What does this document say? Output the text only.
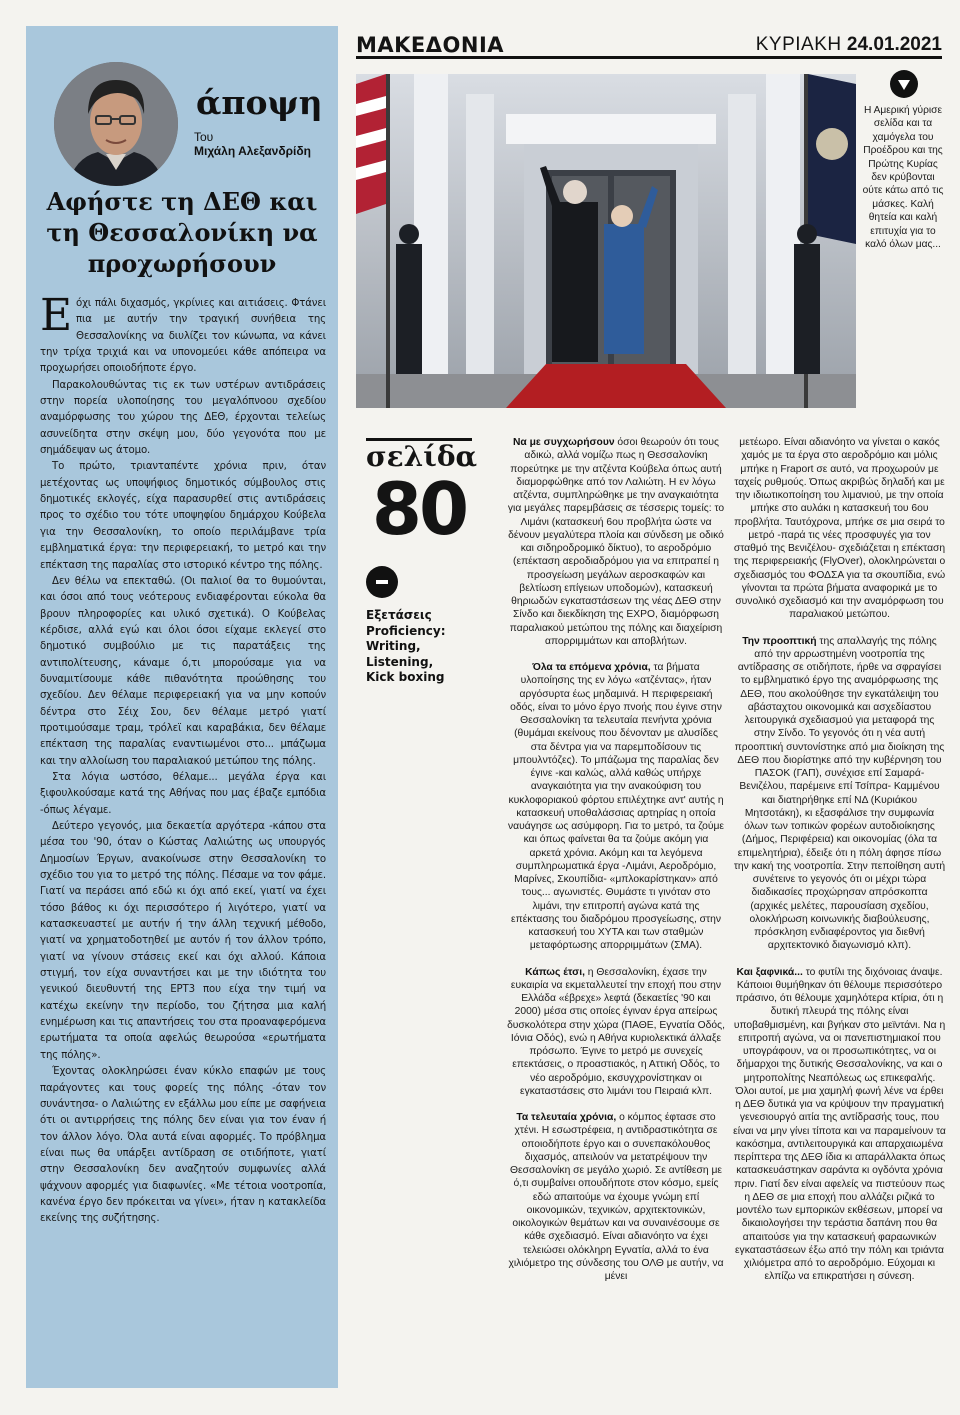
άποψη
Του
Μιχάλη Αλεξανδρίδη
Αφήστε τη ΔΕΘ και τη Θεσσαλονίκη να προχωρήσουν

Εόχι πάλι διχασμός, γκρίνιες και αιτιάσεις. Φτάνει πια με αυτήν την τραγική συνήθεια της Θεσσαλονίκης να διυλίζει τον κώνωπα, να κάνει την τρίχα τριχιά και να υπονομεύει κάθε απόπειρα να προχωρήσει οποιοδήποτε έργο.

Παρακολουθώντας τις εκ των υστέρων αντιδράσεις στην πορεία υλοποίησης του μεγαλόπνοου σχεδίου αναμόρφωσης του χώρου της ΔΕΘ, έρχονται τελείως ασυνείδητα στην σκέψη μου, δύο γεγονότα που με σημάδεψαν ως άτομο.

Το πρώτο, τριανταπέντε χρόνια πριν, όταν μετέχοντας ως υποψήφιος δημοτικός σύμβουλος στις δημοτικές εκλογές, είχα παρασυρθεί στις αντιδράσεις προς το σχέδιο του τότε υποψηφίου δημάρχου Κούβελα για την Θεσσαλονίκη, το οποίο περιλάμβανε τρία εμβληματικά έργα: την περιφερειακή, το μετρό και την επέκταση της παραλίας στο ιστορικό κέντρο της πόλης.

Δεν θέλω να επεκταθώ. (Οι παλιοί θα το θυμούνται, και όσοι από τους νεότερους ενδιαφέρονται εύκολα θα βρουν πληροφορίες και υλικό σχετικά). Ο Κούβελας κέρδισε, αλλά εγώ και όλοι όσοι είχαμε εκλεγεί στο δημοτικό συμβούλιο με τις παρατάξεις της αντιπολίτευσης, κάναμε ό,τι μπορούσαμε για να δυναμιτίσουμε κάθε πιθανότητα προώθησης του σχεδίου. Δεν θέλαμε περιφερειακή για να μην κοπούν δέντρα στο Σέιχ Σου, δεν θέλαμε μετρό γιατί προτιμούσαμε τραμ, τρόλεϊ και καραβάκια, δεν θέλαμε επέκταση της παραλίας εναντιωμένοι στο... μπάζωμα και την αλλοίωση του παραλιακού μετώπου της πόλης.

Στα λόγια ωστόσο, θέλαμε... μεγάλα έργα και ξιφουλκούσαμε κατά της Αθήνας που μας έβαζε εμπόδια -όπως λέγαμε.

Δεύτερο γεγονός, μια δεκαετία αργότερα -κάπου στα μέσα του '90, όταν ο Κώστας Λαλιώτης ως υπουργός Δημοσίων Έργων, ανακοίνωσε στην Θεσσαλονίκη το σχέδιο του για το μετρό της πόλης. Πέσαμε να τον φάμε. Γιατί να περάσει από εδώ κι όχι από εκεί, γιατί να έχει τόσο βάθος κι όχι περισσότερο ή λιγότερο, γιατί να κατασκευαστεί με αυτήν ή την άλλη τεχνική μέθοδο, γιατί να χρηματοδοτηθεί με αυτόν ή τον άλλον τρόπο, γιατί να γίνουν στάσεις εκεί και όχι αλλού. Κάποια στιγμή, τον είχα συναντήσει και με την ιδιότητα του γενικού διευθυντή της ΕΡΤ3 που είχα την τιμή να κατέχω εκείνην την περίοδο, του ζήτησα μια καλή ενημέρωση και τις απαντήσεις του στα προαναφερόμενα ερωτήματα τα οποία αφελώς θεωρούσα «ερωτήματα της πόλης».

Έχοντας ολοκληρώσει έναν κύκλο επαφών με τους παράγοντες και τους φορείς της πόλης -όταν τον συνάντησα- ο Λαλιώτης εν εξάλλω μου είπε με σαφήνεια ότι οι αντιρρήσεις της πόλης δεν είναι για τον έναν ή τον άλλον λόγο. Όλα αυτά είναι αφορμές. Το πρόβλημα είναι πως θα υπάρξει αντίδραση σε οτιδήποτε, γιατί στην Θεσσαλονίκη δεν αναζητούν συμφωνίες αλλά ψάχνουν αφορμές για διαφωνίες. «Με τέτοια νοοτροπία, κανένα έργο δεν πρόκειται να γίνει», ήταν η κατακλείδα εκείνης της συζήτησης.

ΜΑΚΕΔΟΝΙΑ	ΚΥΡΙΑΚΗ 24.01.2021

Η Αμερική γύρισε σελίδα και τα χαμόγελα του Προέδρου και της Πρώτης Κυρίας δεν κρύβονται ούτε κάτω από τις μάσκες. Καλή θητεία και καλή επιτυχία για το καλό όλων μας...

σελίδα
80
Εξετάσεις
Proficiency:
Writing,
Listening,
Kick boxing

Να με συγχωρήσουν όσοι θεωρούν ότι τους αδικώ, αλλά νομίζω πως η Θεσσαλονίκη πορεύτηκε με την ατζέντα Κούβελα όπως αυτή διαμορφώθηκε από τον Λαλιώτη. Η εν λόγω ατζέντα, συμπληρώθηκε με την αναγκαιότητα για μεγάλες παρεμβάσεις σε τέσσερις τομείς: το Λιμάνι (κατασκευή 6ου προβλήτα ώστε να δένουν μεγαλύτερα πλοία και σύνδεση με οδικό και σιδηροδρομικό δίκτυο), το αεροδρόμιο (επέκταση αεροδιαδρόμου για να επιτραπεί η προσγείωση μεγάλων αεροσκαφών και βελτίωση επίγειων υποδομών), κατασκευή θηριωδών εγκαταστάσεων της νέας ΔΕΘ στην Σίνδο και διεκδίκηση της ΕΧΡΟ, διαμόρφωση παραλιακού μετώπου της πόλης και διαχείριση απορριμμάτων και αποβλήτων.

Όλα τα επόμενα χρόνια, τα βήματα υλοποίησης της εν λόγω «ατζέντας», ήταν αργόσυρτα έως μηδαμινά. Η περιφερειακή οδός, είναι το μόνο έργο πνοής που έγινε στην Θεσσαλονίκη τα τελευταία πενήντα χρόνια (θυμάμαι εκείνους που δένονταν με αλυσίδες στα δέντρα για να παρεμποδίσουν τις μπουλντόζες). Το μπάζωμα της παραλίας δεν έγινε -και καλώς, αλλά καθώς υπήρχε αναγκαιότητα για την ανακούφιση του κυκλοφοριακού φόρτου επιλέχτηκε αντ' αυτής η κατασκευή υποθαλάσσιας αρτηρίας η οποία ναυάγησε ως ασύμφορη. Για το μετρό, τα ζούμε και όπως φαίνεται θα τα ζούμε ακόμη για αρκετά χρόνια. Ακόμη και τα λεγόμενα συμπληρωματικά έργα -Λιμάνι, Αεροδρόμιο, Μαρίνες, Σκουπίδια- «μπλοκαρίστηκαν» από τους... αγωνιστές. Θυμάστε τι γινόταν στο λιμάνι, την επιτροπή αγώνα κατά της επέκτασης του διαδρόμου προσγείωσης, στην κατασκευή του ΧΥΤΑ και των σταθμών μεταφόρτωσης απορριμμάτων (ΣΜΑ).

Κάπως έτσι, η Θεσσαλονίκη, έχασε την ευκαιρία να εκμεταλλευτεί την εποχή που στην Ελλάδα «έβρεχε» λεφτά (δεκαετίες '90 και 2000) μέσα στις οποίες έγιναν έργα απείρως δυσκολότερα στην χώρα (ΠΑΘΕ, Εγνατία Οδός, Ιόνια Οδός), ενώ η Αθήνα κυριολεκτικά άλλαξε πρόσωπο. Έγινε το μετρό με συνεχείς επεκτάσεις, ο προαστιακός, η Αττική Οδός, το νέο αεροδρόμιο, εκσυγχρονίστηκαν οι εγκαταστάσεις στο λιμάνι του Πειραιά κλπ.

Τα τελευταία χρόνια, ο κόμπος έφτασε στο χτένι. Η εσωστρέφεια, η αντιδραστικότητα σε οποιοδήποτε έργο και ο συνεπακόλουθος διχασμός, απειλούν να μετατρέψουν την Θεσσαλονίκη σε μεγάλο χωριό. Σε αντίθεση με ό,τι συμβαίνει οπουδήποτε στον κόσμο, εμείς εδώ απαιτούμε να έχουμε γνώμη επί οικονομικών, τεχνικών, αρχιτεκτονικών, οικολογικών θεμάτων και να συναινέσουμε σε κάθε σχεδιασμό. Είναι αδιανόητο να έχει τελειώσει ολόκληρη Εγνατία, αλλά το ένα χιλιόμετρο της σύνδεσης του ΟΛΘ με αυτήν, να μένει

μετέωρο. Είναι αδιανόητο να γίνεται ο κακός χαμός με τα έργα στο αεροδρόμιο και μόλις μπήκε η Fraport σε αυτό, να προχωρούν με ταχείς ρυθμούς. Όπως ακριβώς δηλαδή και με την ιδιωτικοποίηση του λιμανιού, με την οποία μπήκε στο αυλάκι η κατασκευή του 6ου προβλήτα. Ταυτόχρονα, μπήκε σε μια σειρά το μετρό -παρά τις νέες προσφυγές για τον σταθμό της Βενιζέλου- σχεδιάζεται η επέκταση της περιφερειακής (FlyOver), ολοκληρώνεται ο σχεδιασμός του ΦΟΔΣΑ για τα σκουπίδια, ενώ γίνονται τα πρώτα βήματα αναφορικά με το συνολικό σχεδιασμό και την αναμόρφωση του παραλιακού μετώπου.

Την προοπτική της απαλλαγής της πόλης από την αρρωστημένη νοοτροπία της αντίδρασης σε οτιδήποτε, ήρθε να σφραγίσει το εμβληματικό έργο της αναμόρφωσης της ΔΕΘ, που ακολούθησε την εγκατάλειψη του αβάσταχτου οικονομικά και ασχεδίαστου λειτουργικά σχεδιασμού για μεταφορά της στην Σίνδο. Το γεγονός ότι η νέα αυτή προοπτική συντονίστηκε από μια διοίκηση της ΔΕΘ που διορίστηκε από την κυβέρνηση του ΠΑΣΟΚ (ΓΑΠ), συνέχισε επί Σαμαρά- Βενιζέλου, παρέμεινε επί Τσίπρα- Καμμένου και διατηρήθηκε επί ΝΔ (Κυριάκου Μητσοτάκη), κι εξασφάλισε την συμφωνία όλων των τοπικών φορέων αυτοδιοίκησης (Δήμος, Περιφέρεια) και οικονομίας (όλα τα επιμελητήρια), έδειξε ότι η πόλη άφησε πίσω την κακή της νοοτροπία. Στην πεποίθηση αυτή συνέτεινε το γεγονός ότι οι μέχρι τώρα διαδικασίες προχώρησαν απρόσκοπτα (αρχικές μελέτες, παρουσίαση σχεδίου, ολοκλήρωση κοινωνικής διαβούλευσης, πρόσκληση ενδιαφέροντος για διεθνή αρχιτεκτονικό διαγωνισμό κλπ).

Και ξαφνικά... το φυτίλι της διχόνοιας άναψε. Κάποιοι θυμήθηκαν ότι θέλουμε περισσότερο πράσινο, ότι θέλουμε χαμηλότερα κτίρια, ότι η δυτική πλευρά της πόλης είναι υποβαθμισμένη, και βγήκαν στο μεϊντάνι. Να η επιτροπή αγώνα, να οι πανεπιστημιακοί που υπογράφουν, να οι προσωπικότητες, να οι δήμαρχοι της δυτικής Θεσσαλονίκης, να και ο μητροπολίτης Νεαπόλεως ως επικεφαλής. Όλοι αυτοί, με μια χαμηλή φωνή λένε να έρθει η ΔΕΘ δυτικά για να κρύψουν την πραγματική γενεσιουργό αιτία της αντίδρασής τους, που είναι να μην γίνει τίποτα και να παραμείνουν τα κακόσημα, αντιλειτουργικά και απαρχαιωμένα περίπτερα της ΔΕΘ ίδια κι απαράλλακτα όπως κατασκευάστηκαν σαράντα κι ογδόντα χρόνια πριν. Γιατί δεν είναι αφελείς να πιστεύουν πως η ΔΕΘ σε μια εποχή που αλλάζει ριζικά το μοντέλο των εμπορικών εκθέσεων, μπορεί να δικαιολογήσει την τεράστια δαπάνη που θα απαιτούσε για την κατασκευή φαραωνικών εγκαταστάσεων έξω από την πόλη και τριάντα χιλιόμετρα από το αεροδρόμιο. Εύχομαι κι ελπίζω να επικρατήσει η σύνεση.
